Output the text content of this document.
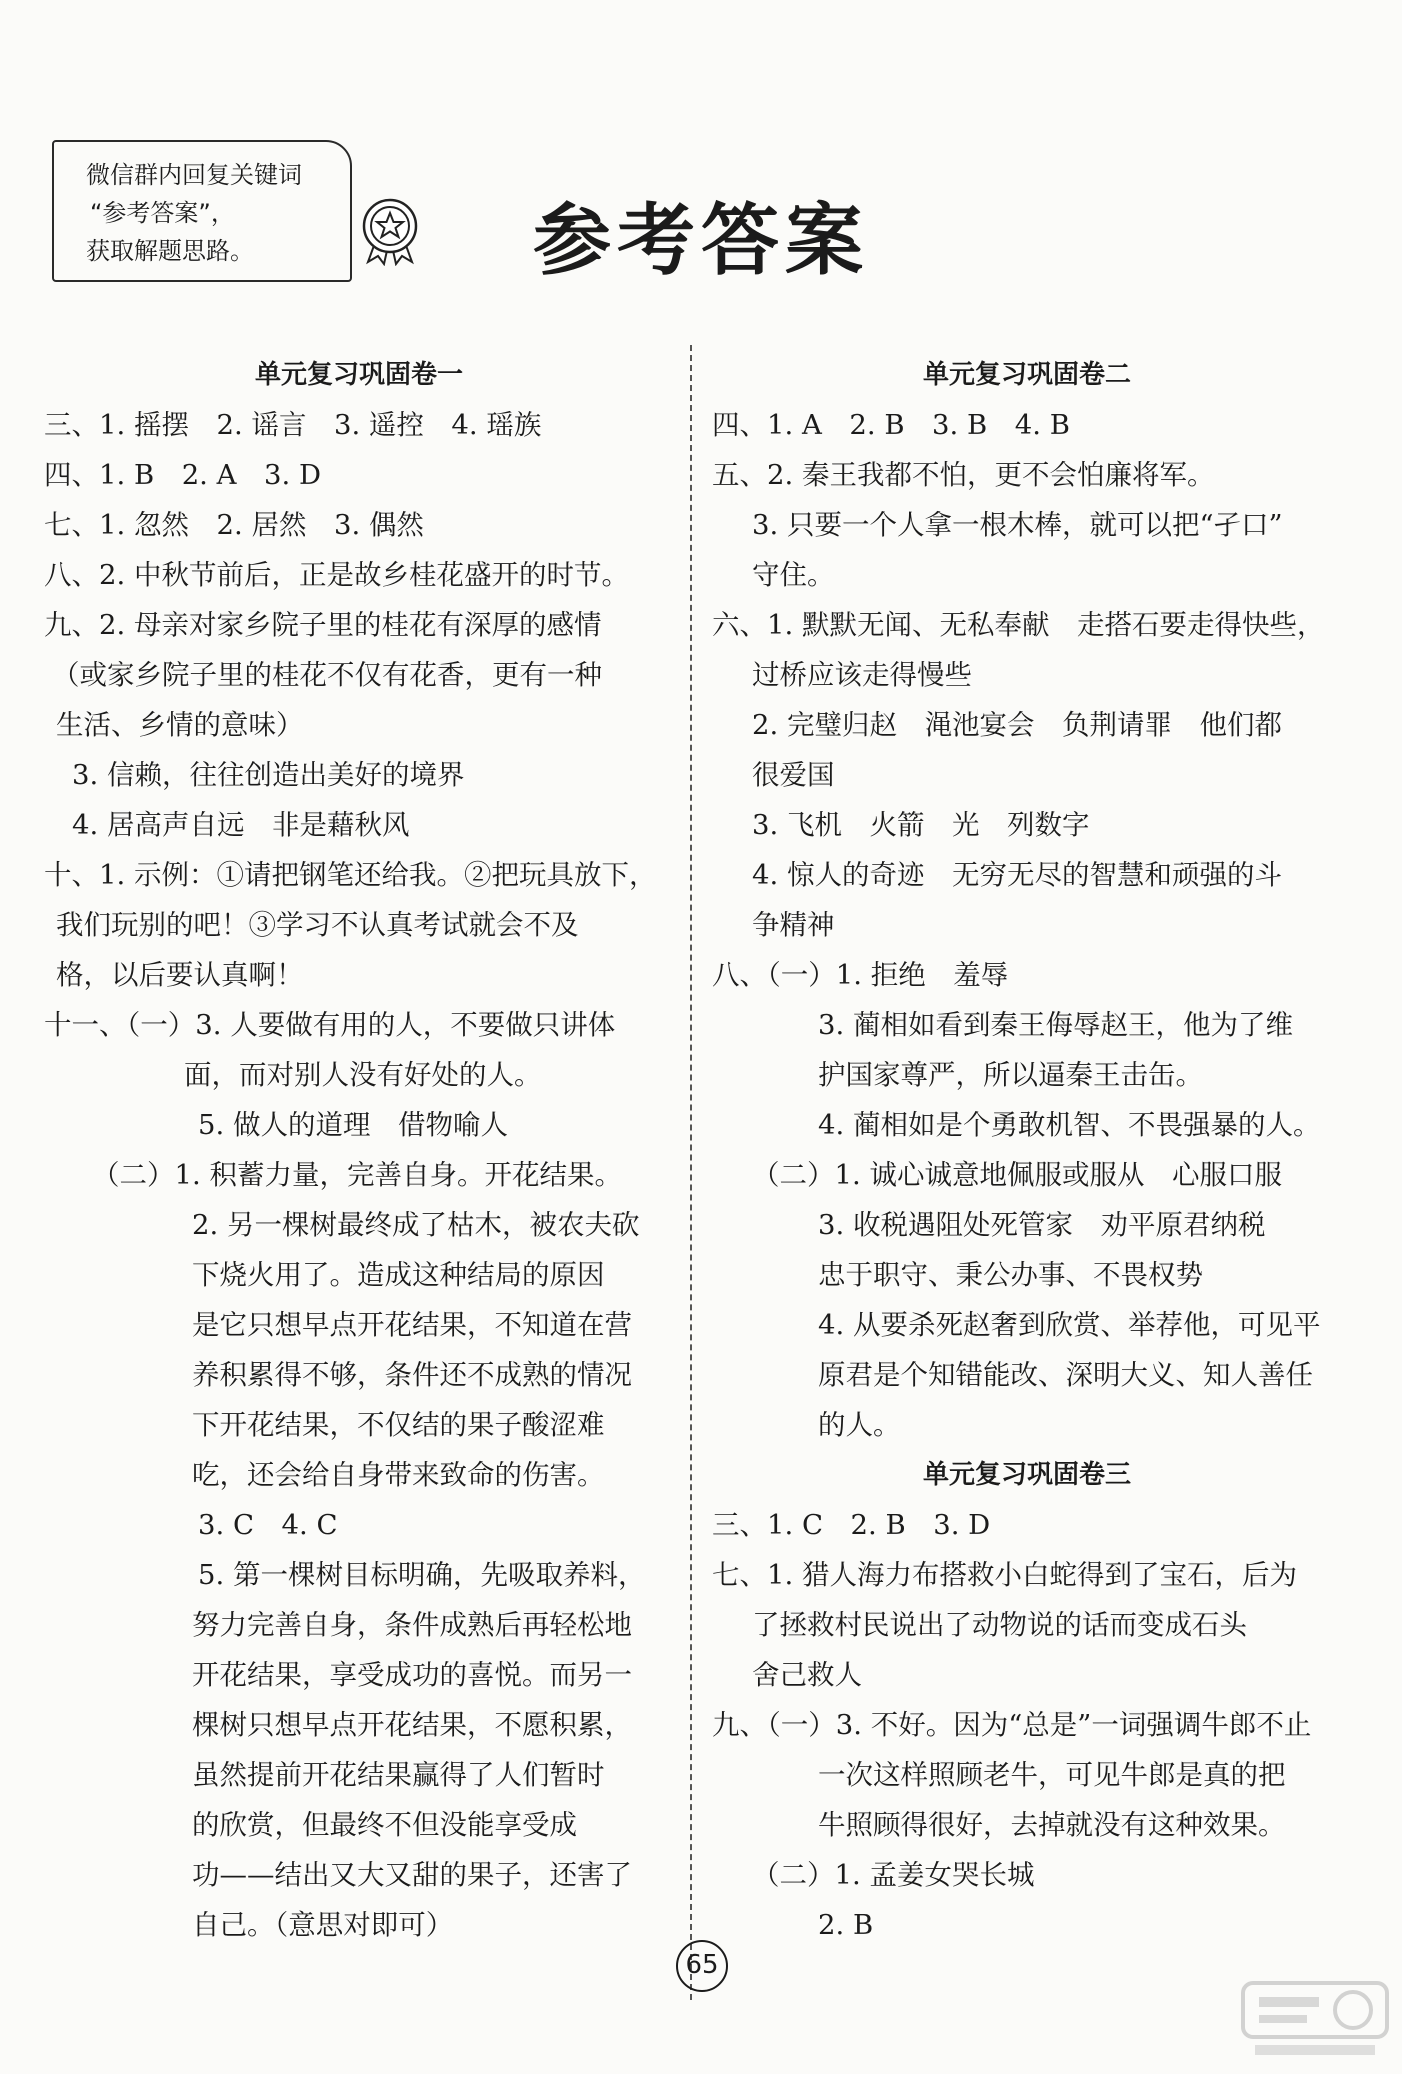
微信群内回复关键词
“参考答案”，
获取解题思路。	参考答案
单元复习巩固卷一
三、1. 摇摆　2. 谣言　3. 遥控　4. 瑶族
四、1. B　2. A　3. D
七、1. 忽然　2. 居然　3. 偶然
八、2. 中秋节前后，正是故乡桂花盛开的时节。
九、2. 母亲对家乡院子里的桂花有深厚的感情
（或家乡院子里的桂花不仅有花香，更有一种
生活、乡情的意味）
3. 信赖，往往创造出美好的境界
4. 居高声自远　非是藉秋风
十、1. 示例：①请把钢笔还给我。②把玩具放下，
我们玩别的吧！③学习不认真考试就会不及
格，以后要认真啊！
十一、（一）3. 人要做有用的人，不要做只讲体
面，而对别人没有好处的人。
5. 做人的道理　借物喻人
（二）1. 积蓄力量，完善自身。开花结果。
2. 另一棵树最终成了枯木，被农夫砍
下烧火用了。造成这种结局的原因
是它只想早点开花结果，不知道在营
养积累得不够，条件还不成熟的情况
下开花结果，不仅结的果子酸涩难
吃，还会给自身带来致命的伤害。
3. C　4. C
5. 第一棵树目标明确，先吸取养料，
努力完善自身，条件成熟后再轻松地
开花结果，享受成功的喜悦。而另一
棵树只想早点开花结果，不愿积累，
虽然提前开花结果赢得了人们暂时
的欣赏，但最终不但没能享受成
功——结出又大又甜的果子，还害了
自己。（意思对即可）
单元复习巩固卷二
四、1. A　2. B　3. B　4. B
五、2. 秦王我都不怕，更不会怕廉将军。
3. 只要一个人拿一根木棒，就可以把“孑口”
守住。
六、1. 默默无闻、无私奉献　走搭石要走得快些，
过桥应该走得慢些
2. 完璧归赵　渑池宴会　负荆请罪　他们都
很爱国
3. 飞机　火箭　光　列数字
4. 惊人的奇迹　无穷无尽的智慧和顽强的斗
争精神
八、（一）1. 拒绝　羞辱
3. 蔺相如看到秦王侮辱赵王，他为了维
护国家尊严，所以逼秦王击缶。
4. 蔺相如是个勇敢机智、不畏强暴的人。
（二）1. 诚心诚意地佩服或服从　心服口服
3. 收税遇阻处死管家　劝平原君纳税
忠于职守、秉公办事、不畏权势
4. 从要杀死赵奢到欣赏、举荐他，可见平
原君是个知错能改、深明大义、知人善任
的人。
单元复习巩固卷三
三、1. C　2. B　3. D
七、1. 猎人海力布搭救小白蛇得到了宝石，后为
了拯救村民说出了动物说的话而变成石头
舍己救人
九、（一）3. 不好。因为“总是”一词强调牛郎不止
一次这样照顾老牛，可见牛郎是真的把
牛照顾得很好，去掉就没有这种效果。
（二）1. 孟姜女哭长城
2. B
65
